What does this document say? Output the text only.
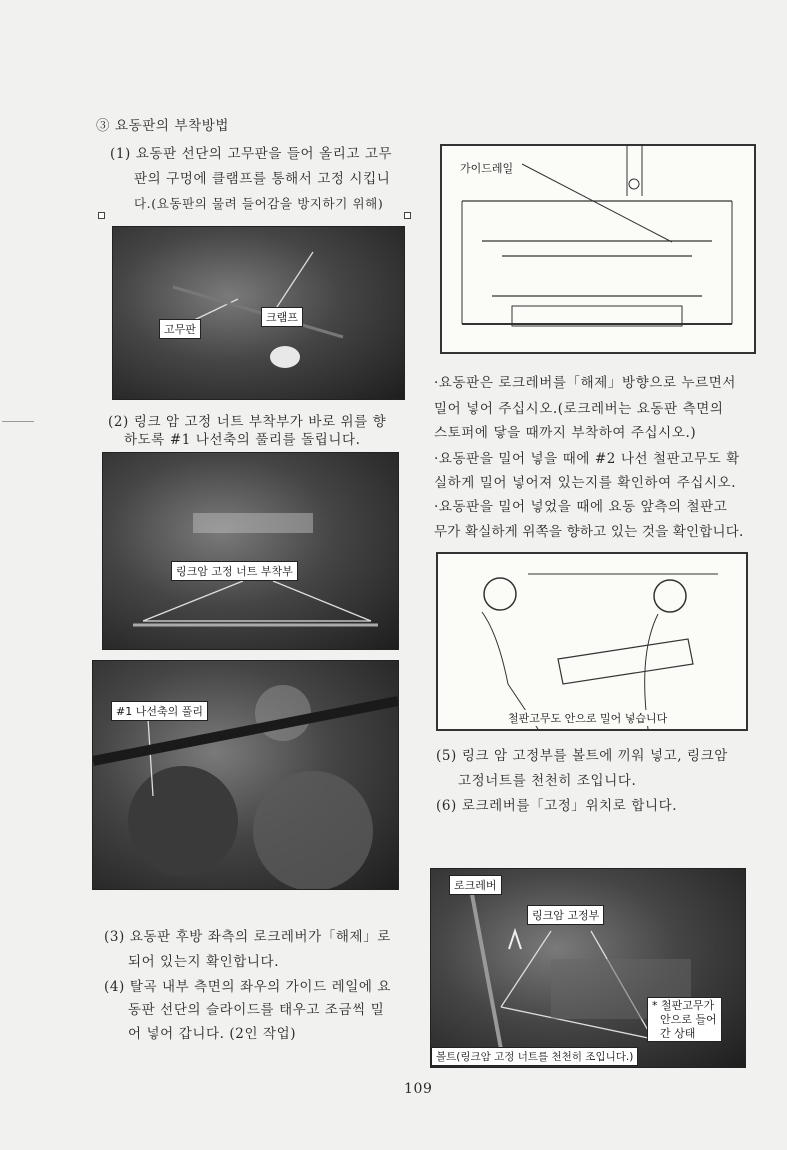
③ 요동판의 부착방법
(1) 요동판 선단의 고무판을 들어 올리고 고무
판의 구멍에 클램프를 통해서 고정 시킵니
다.(요동판의 물려 들어감을 방지하기 위해)
고무판
크램프
(2) 링크 암 고정 너트 부착부가 바로 위를 향
하도록 #1 나선축의 풀리를 돌립니다.
링크암 고정 너트 부착부
#1 나선축의 풀리
(3) 요동판 후방 좌측의 로크레버가「해제」로
되어 있는지 확인합니다.
(4) 탈곡 내부 측면의 좌우의 가이드 레일에 요
동판 선단의 슬라이드를 태우고 조금씩 밀
어 넣어 갑니다. (2인 작업)
가이드레일
·요동판은 로크레버를「해제」방향으로 누르면서
밀어 넣어 주십시오.(로크레버는 요동판 측면의
스토퍼에 닿을 때까지 부착하여 주십시오.)
·요동판을 밀어 넣을 때에 #2 나선 철판고무도 확
실하게 밀어 넣어져 있는지를 확인하여 주십시오.
·요동판을 밀어 넣었을 때에 요동 앞측의 철판고
무가 확실하게 위쪽을 향하고 있는 것을 확인합니다.
철판고무도 안으로 밀어 넣습니다
(5) 링크 암 고정부를 볼트에 끼워 넣고, 링크암
고정너트를 천천히 조입니다.
(6) 로크레버를「고정」위치로 합니다.
로크레버
링크암 고정부
* 철판고무가
안으로 들어
간 상태
볼트(링크암 고정 너트를 천천히 조입니다.)
109
